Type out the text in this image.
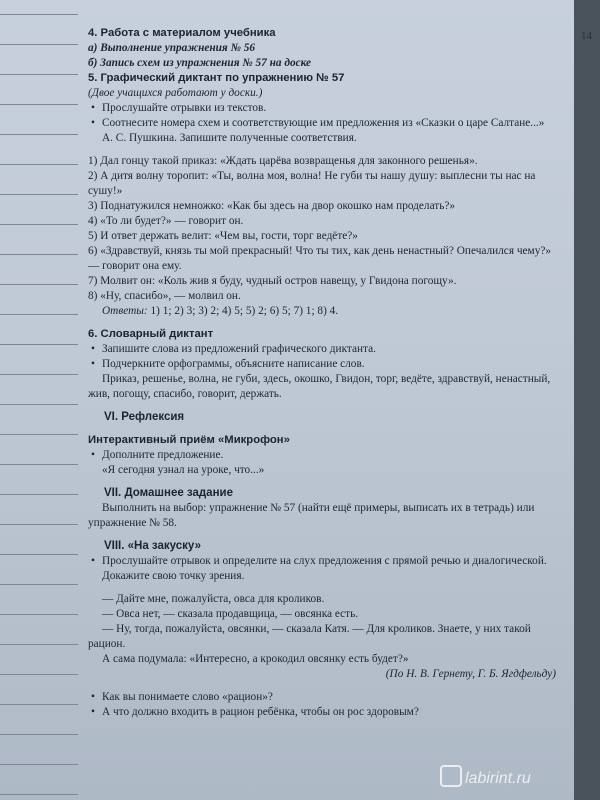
14

4. Работа с материалом учебника

а) Выполнение упражнения № 56

б) Запись схем из упражнения № 57 на доске

5. Графический диктант по упражнению № 57

(Двое учащихся работают у доски.)

• Прослушайте отрывки из текстов.

• Соотнесите номера схем и соответствующие им предложения из «Сказки о царе Салтане...» А. С. Пушкина. Запишите полученные соответствия.

1) Дал гонцу такой приказ: «Ждать царёва возвращенья для законного решенья».

2) А дитя волну торопит: «Ты, волна моя, волна! Не губи ты нашу душу: выплесни ты нас на сушу!»

3) Поднатужился немножко: «Как бы здесь на двор окошко нам проделать?»

4) «То ли будет?» — говорит он.

5) И ответ держать велит: «Чем вы, гости, торг ведёте?»

6) «Здравствуй, князь ты мой прекрасный! Что ты тих, как день ненастный? Опечалился чему?» — говорит она ему.

7) Молвит он: «Коль жив я буду, чудный остров навещу, у Гвидона погощу».

8) «Ну, спасибо», — молвил он.

Ответы: 1) 1; 2) 3; 3) 2; 4) 5; 5) 2; 6) 5; 7) 1; 8) 4.

6. Словарный диктант

• Запишите слова из предложений графического диктанта.

• Подчеркните орфограммы, объясните написание слов.

Приказ, решенье, волна, не губи, здесь, окошко, Гвидон, торг, ведёте, здравствуй, ненастный, жив, погощу, спасибо, говорит, держать.

VI. Рефлексия

Интерактивный приём «Микрофон»

• Дополните предложение.

«Я сегодня узнал на уроке, что...»

VII. Домашнее задание

Выполнить на выбор: упражнение № 57 (найти ещё примеры, выписать их в тетрадь) или упражнение № 58.

VIII. «На закуску»

• Прослушайте отрывок и определите на слух предложения с прямой речью и диалогической. Докажите свою точку зрения.

— Дайте мне, пожалуйста, овса для кроликов.

— Овса нет, — сказала продавщица, — овсянка есть.

— Ну, тогда, пожалуйста, овсянки, — сказала Катя. — Для кроликов. Знаете, у них такой рацион.

А сама подумала: «Интересно, а крокодил овсянку есть будет?»

(По Н. В. Гернету, Г. Б. Ягдфельду)

• Как вы понимаете слово «рацион»?

• А что должно входить в рацион ребёнка, чтобы он рос здоровым?

labirint.ru
